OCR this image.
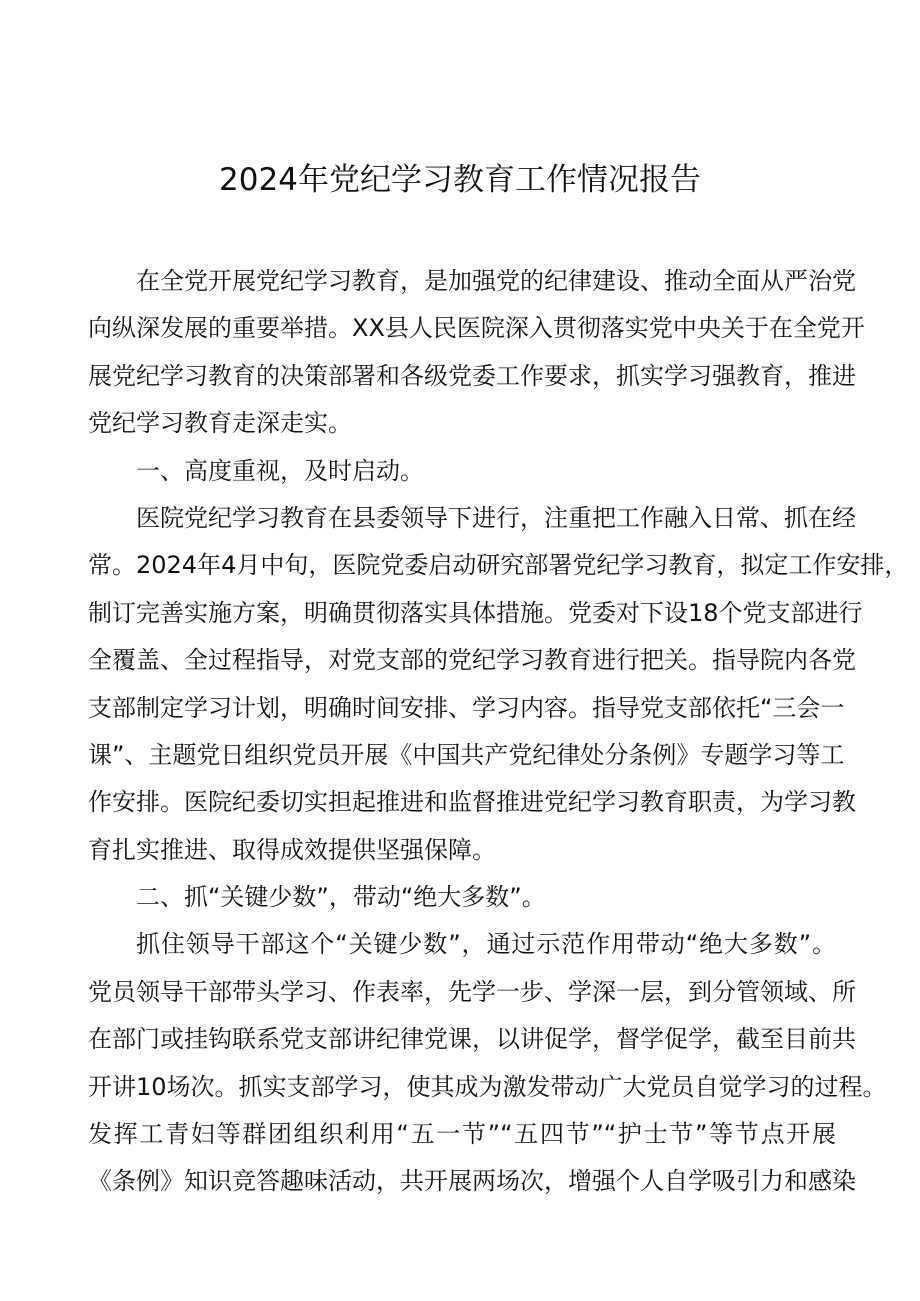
2024年党纪学习教育工作情况报告
在全党开展党纪学习教育，是加强党的纪律建设、推动全面从严治党
向纵深发展的重要举措。XX县人民医院深入贯彻落实党中央关于在全党开
展党纪学习教育的决策部署和各级党委工作要求，抓实学习强教育，推进
党纪学习教育走深走实。
一、高度重视，及时启动。
医院党纪学习教育在县委领导下进行，注重把工作融入日常、抓在经
常。2024年4月中旬，医院党委启动研究部署党纪学习教育，拟定工作安排，
制订完善实施方案，明确贯彻落实具体措施。党委对下设18个党支部进行
全覆盖、全过程指导，对党支部的党纪学习教育进行把关。指导院内各党
支部制定学习计划，明确时间安排、学习内容。指导党支部依托“三会一
课”、主题党日组织党员开展《中国共产党纪律处分条例》专题学习等工
作安排。医院纪委切实担起推进和监督推进党纪学习教育职责，为学习教
育扎实推进、取得成效提供坚强保障。
二、抓“关键少数”，带动“绝大多数”。
抓住领导干部这个“关键少数”，通过示范作用带动“绝大多数”。
党员领导干部带头学习、作表率，先学一步、学深一层，到分管领域、所
在部门或挂钩联系党支部讲纪律党课，以讲促学，督学促学，截至目前共
开讲10场次。抓实支部学习，使其成为激发带动广大党员自觉学习的过程。
发挥工青妇等群团组织利用“五一节”“五四节”“护士节”等节点开展
《条例》知识竞答趣味活动，共开展两场次，增强个人自学吸引力和感染
